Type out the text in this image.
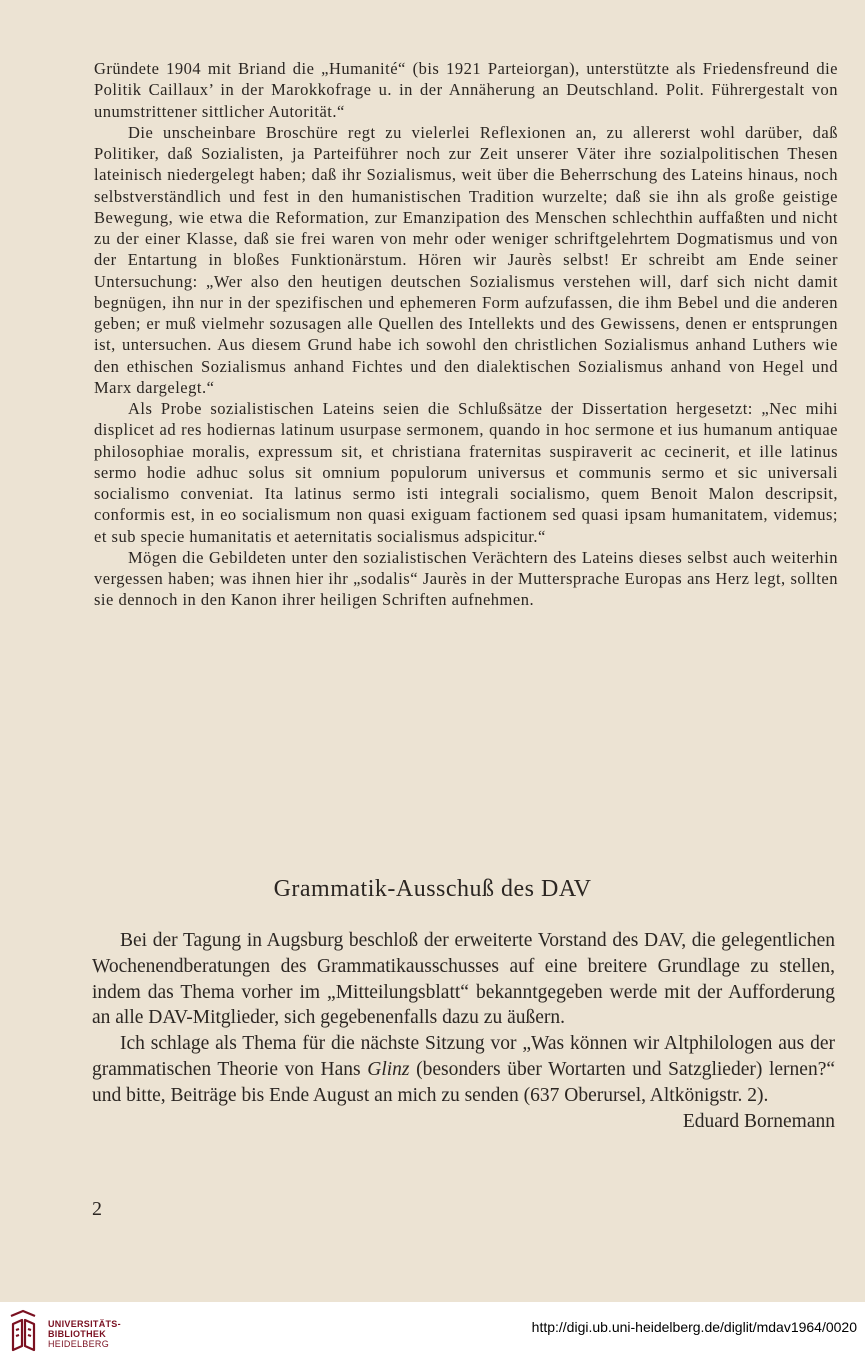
Gründete 1904 mit Briand die „Humanité“ (bis 1921 Parteiorgan), unterstützte als Friedensfreund die Politik Caillaux’ in der Marokkofrage u. in der Annäherung an Deutschland. Polit. Führergestalt von unumstrittener sittlicher Autorität.“

Die unscheinbare Broschüre regt zu vielerlei Reflexionen an, zu allererst wohl darüber, daß Politiker, daß Sozialisten, ja Parteiführer noch zur Zeit unserer Väter ihre sozialpolitischen Thesen lateinisch niedergelegt haben; daß ihr Sozialismus, weit über die Beherrschung des Lateins hinaus, noch selbstverständlich und fest in den humanistischen Tradition wurzelte; daß sie ihn als große geistige Bewegung, wie etwa die Reformation, zur Emanzipation des Menschen schlechthin auffaßten und nicht zu der einer Klasse, daß sie frei waren von mehr oder weniger schriftgelehrtem Dogmatismus und von der Entartung in bloßes Funktionärstum. Hören wir Jaurès selbst! Er schreibt am Ende seiner Untersuchung: „Wer also den heutigen deutschen Sozialismus verstehen will, darf sich nicht damit begnügen, ihn nur in der spezifischen und ephemeren Form aufzufassen, die ihm Bebel und die anderen geben; er muß vielmehr sozusagen alle Quellen des Intellekts und des Gewissens, denen er entsprungen ist, untersuchen. Aus diesem Grund habe ich sowohl den christlichen Sozialismus anhand Luthers wie den ethischen Sozialismus anhand Fichtes und den dialektischen Sozialismus anhand von Hegel und Marx dargelegt.“

Als Probe sozialistischen Lateins seien die Schlußsätze der Dissertation hergesetzt: „Nec mihi displicet ad res hodiernas latinum usurpase sermonem, quando in hoc sermone et ius humanum antiquae philosophiae moralis, expressum sit, et christiana fraternitas suspiraverit ac cecinerit, et ille latinus sermo hodie adhuc solus sit omnium populorum universus et communis sermo et sic universali socialismo conveniat. Ita latinus sermo isti integrali socialismo, quem Benoit Malon descripsit, conformis est, in eo socialismum non quasi exiguam factionem sed quasi ipsam humanitatem, videmus; et sub specie humanitatis et aeternitatis socialismus adspicitur.“

Mögen die Gebildeten unter den sozialistischen Verächtern des Lateins dieses selbst auch weiterhin vergessen haben; was ihnen hier ihr „sodalis“ Jaurès in der Muttersprache Europas ans Herz legt, sollten sie dennoch in den Kanon ihrer heiligen Schriften aufnehmen.

Grammatik-Ausschuß des DAV

Bei der Tagung in Augsburg beschloß der erweiterte Vorstand des DAV, die gelegentlichen Wochenendberatungen des Grammatikausschusses auf eine breitere Grundlage zu stellen, indem das Thema vorher im „Mitteilungsblatt“ bekanntgegeben werde mit der Aufforderung an alle DAV-Mitglieder, sich gegebenenfalls dazu zu äußern.

Ich schlage als Thema für die nächste Sitzung vor „Was können wir Altphilologen aus der grammatischen Theorie von Hans Glinz (besonders über Wortarten und Satzglieder) lernen?“ und bitte, Beiträge bis Ende August an mich zu senden (637 Oberursel, Altkönigstr. 2).

Eduard Bornemann

2
UNIVERSITÄTS-
BIBLIOTHEK
HEIDELBERG
http://digi.ub.uni-heidelberg.de/diglit/mdav1964/0020
